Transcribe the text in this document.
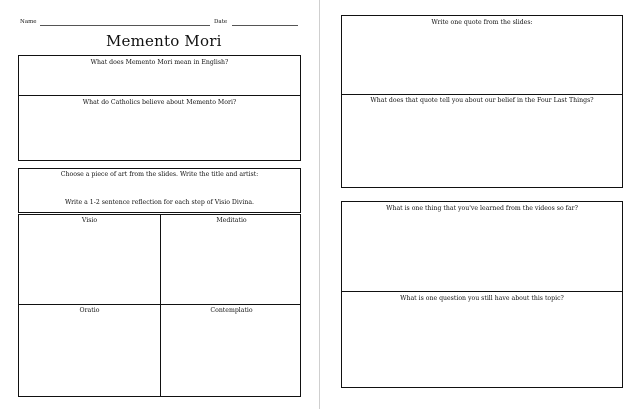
Name	Date
Memento Mori
What does Memento Mori mean in English?
What do Catholics believe about Memento Mori?
Choose a piece of art from the slides. Write the title and artist:
Write a 1-2 sentence reflection for each step of Visio Divina.
Visio	Meditatio
Oratio	Contemplatio
Write one quote from the slides:
What does that quote tell you about our belief in the Four Last Things?
What is one thing that you've learned from the videos so far?
What is one question you still have about this topic?
